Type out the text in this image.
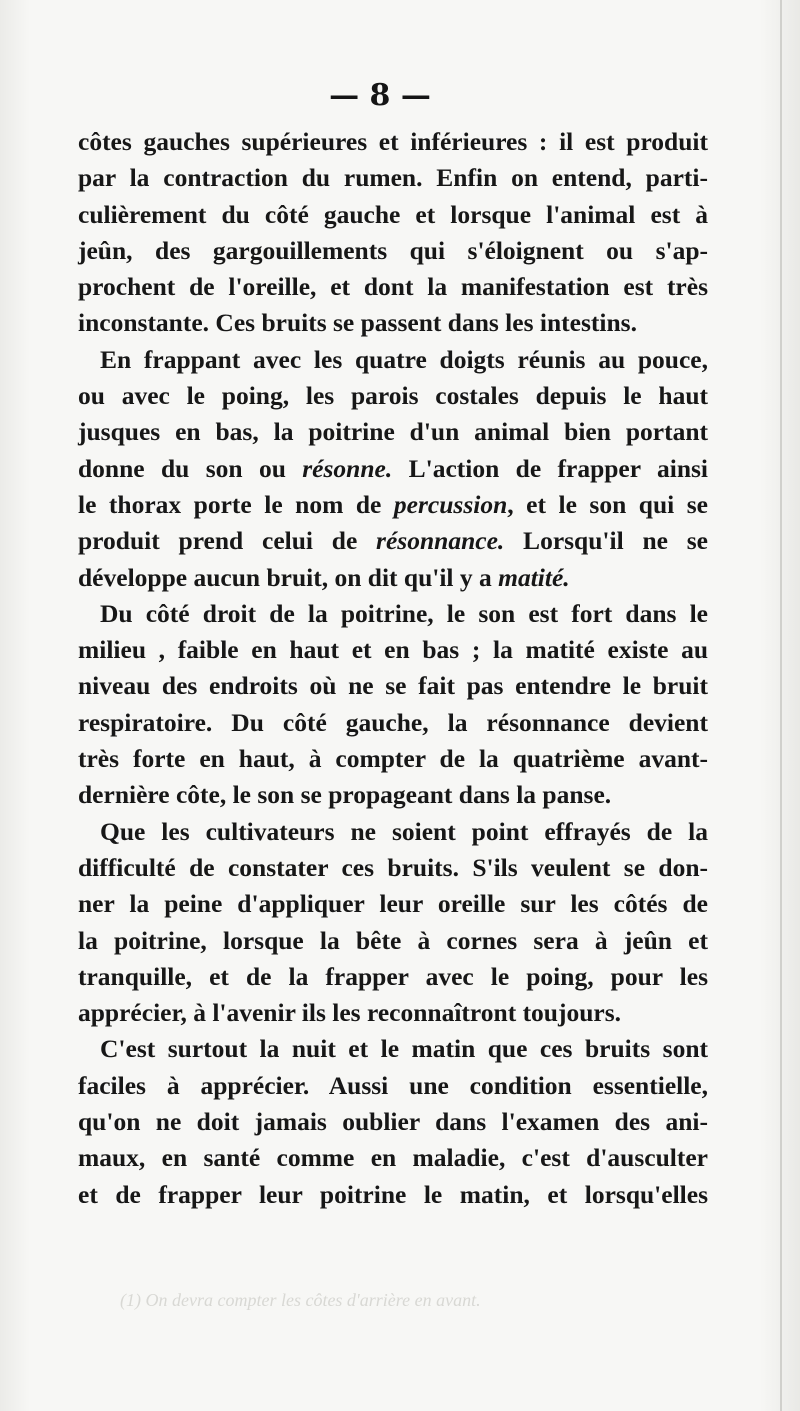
— 8 —
côtes gauches supérieures et inférieures : il est produit
par la contraction du rumen. Enfin on entend, parti-
culièrement du côté gauche et lorsque l'animal est à
jeûn, des gargouillements qui s'éloignent ou s'ap-
prochent de l'oreille, et dont la manifestation est très
inconstante. Ces bruits se passent dans les intestins.
En frappant avec les quatre doigts réunis au pouce,
ou avec le poing, les parois costales depuis le haut
jusques en bas, la poitrine d'un animal bien portant
donne du son ou résonne. L'action de frapper ainsi
le thorax porte le nom de percussion, et le son qui se
produit prend celui de résonnance. Lorsqu'il ne se
développe aucun bruit, on dit qu'il y a matité.
Du côté droit de la poitrine, le son est fort dans le
milieu , faible en haut et en bas ; la matité existe au
niveau des endroits où ne se fait pas entendre le bruit
respiratoire. Du côté gauche, la résonnance devient
très forte en haut, à compter de la quatrième avant-
dernière côte, le son se propageant dans la panse.
Que les cultivateurs ne soient point effrayés de la
difficulté de constater ces bruits. S'ils veulent se don-
ner la peine d'appliquer leur oreille sur les côtés de
la poitrine, lorsque la bête à cornes sera à jeûn et
tranquille, et de la frapper avec le poing, pour les
apprécier, à l'avenir ils les reconnaîtront toujours.
C'est surtout la nuit et le matin que ces bruits sont
faciles à apprécier. Aussi une condition essentielle,
qu'on ne doit jamais oublier dans l'examen des ani-
maux, en santé comme en maladie, c'est d'ausculter
et de frapper leur poitrine le matin, et lorsqu'elles
(1) On devra compter les côtes d'arrière en avant.
